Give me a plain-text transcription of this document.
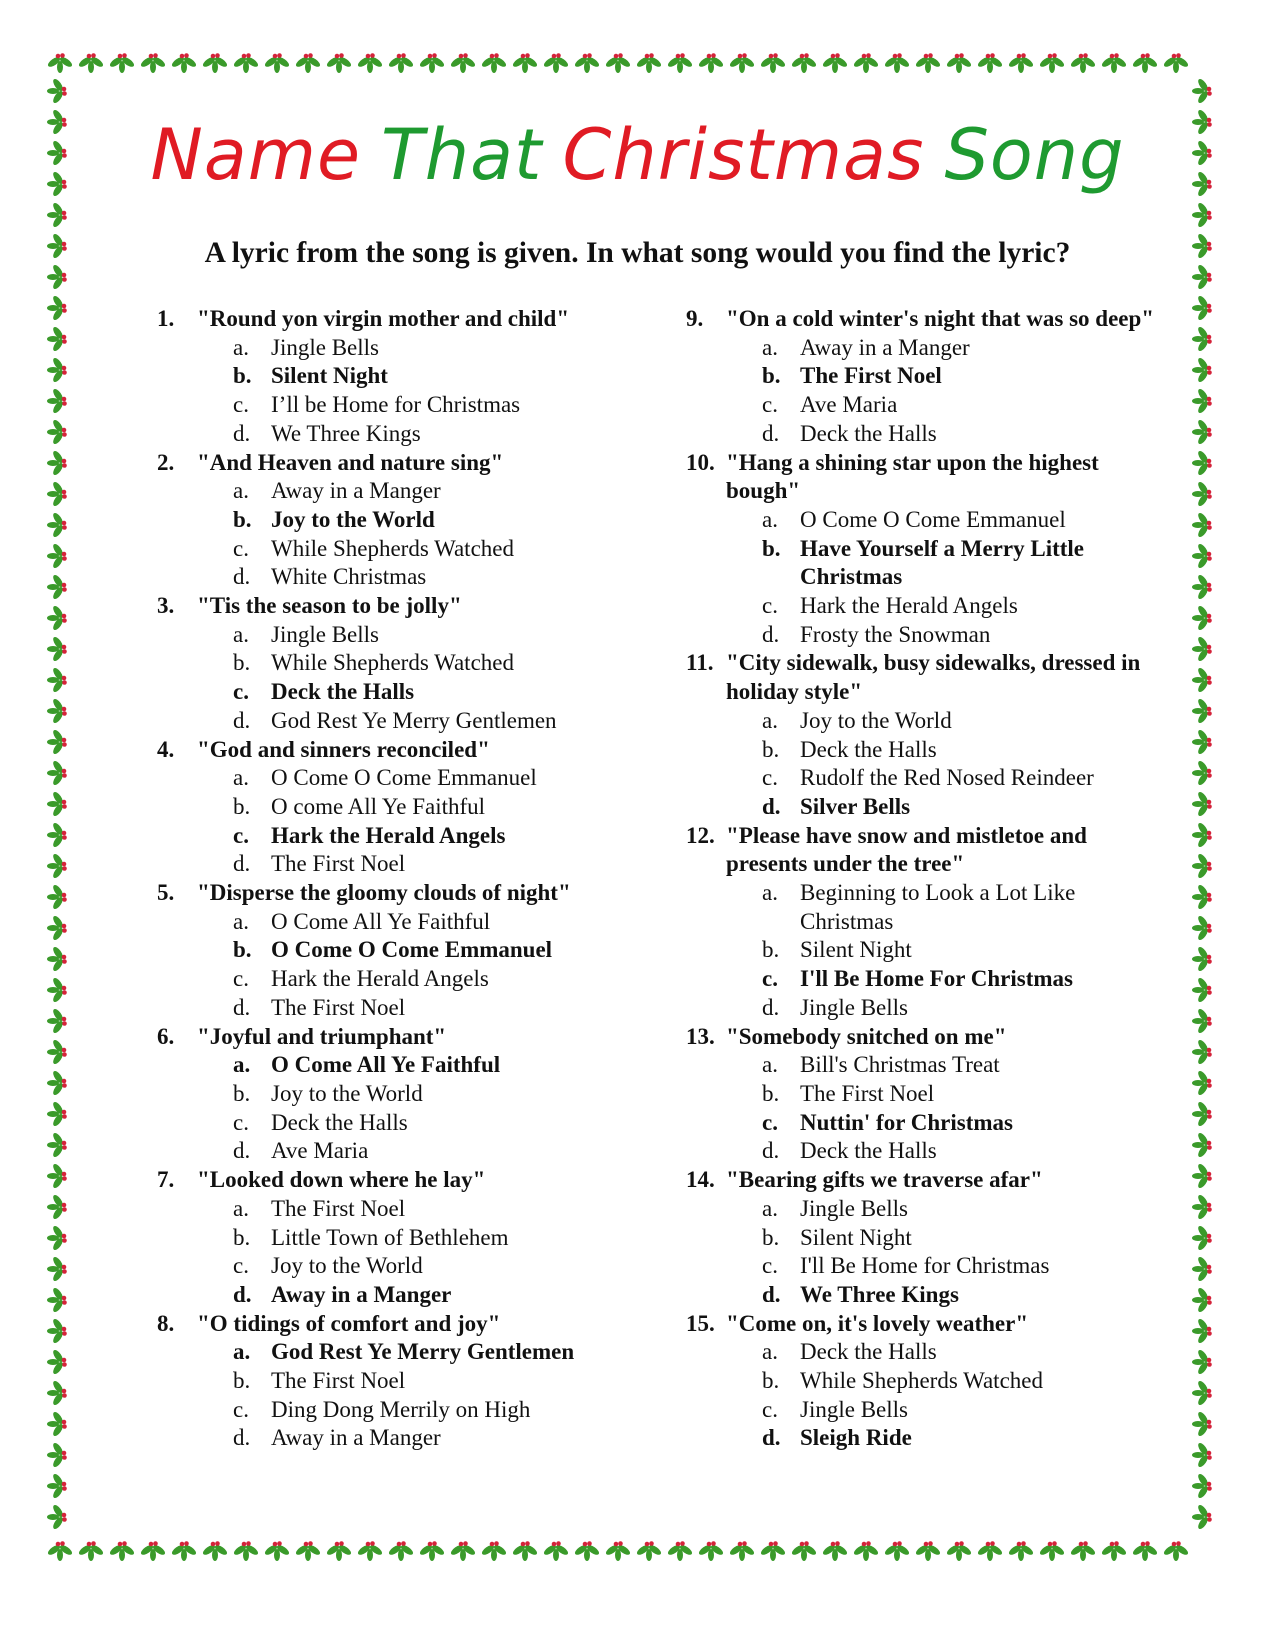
Name That Christmas Song
A lyric from the song is given. In what song would you find the lyric?
1. "Round yon virgin mother and child"
a. Jingle Bells
b. Silent Night
c. I’ll be Home for Christmas
d. We Three Kings
2. "And Heaven and nature sing"
a. Away in a Manger
b. Joy to the World
c. While Shepherds Watched
d. White Christmas
3. "Tis the season to be jolly"
a. Jingle Bells
b. While Shepherds Watched
c. Deck the Halls
d. God Rest Ye Merry Gentlemen
4. "God and sinners reconciled"
a. O Come O Come Emmanuel
b. O come All Ye Faithful
c. Hark the Herald Angels
d. The First Noel
5. "Disperse the gloomy clouds of night"
a. O Come All Ye Faithful
b. O Come O Come Emmanuel
c. Hark the Herald Angels
d. The First Noel
6. "Joyful and triumphant"
a. O Come All Ye Faithful
b. Joy to the World
c. Deck the Halls
d. Ave Maria
7. "Looked down where he lay"
a. The First Noel
b. Little Town of Bethlehem
c. Joy to the World
d. Away in a Manger
8. "O tidings of comfort and joy"
a. God Rest Ye Merry Gentlemen
b. The First Noel
c. Ding Dong Merrily on High
d. Away in a Manger
9. "On a cold winter's night that was so deep"
a. Away in a Manger
b. The First Noel
c. Ave Maria
d. Deck the Halls
10. "Hang a shining star upon the highest bough"
a. O Come O Come Emmanuel
b. Have Yourself a Merry Little Christmas
c. Hark the Herald Angels
d. Frosty the Snowman
11. "City sidewalk, busy sidewalks, dressed in holiday style"
a. Joy to the World
b. Deck the Halls
c. Rudolf the Red Nosed Reindeer
d. Silver Bells
12. "Please have snow and mistletoe and presents under the tree"
a. Beginning to Look a Lot Like Christmas
b. Silent Night
c. I'll Be Home For Christmas
d. Jingle Bells
13. "Somebody snitched on me"
a. Bill's Christmas Treat
b. The First Noel
c. Nuttin' for Christmas
d. Deck the Halls
14. "Bearing gifts we traverse afar"
a. Jingle Bells
b. Silent Night
c. I'll Be Home for Christmas
d. We Three Kings
15. "Come on, it's lovely weather"
a. Deck the Halls
b. While Shepherds Watched
c. Jingle Bells
d. Sleigh Ride
